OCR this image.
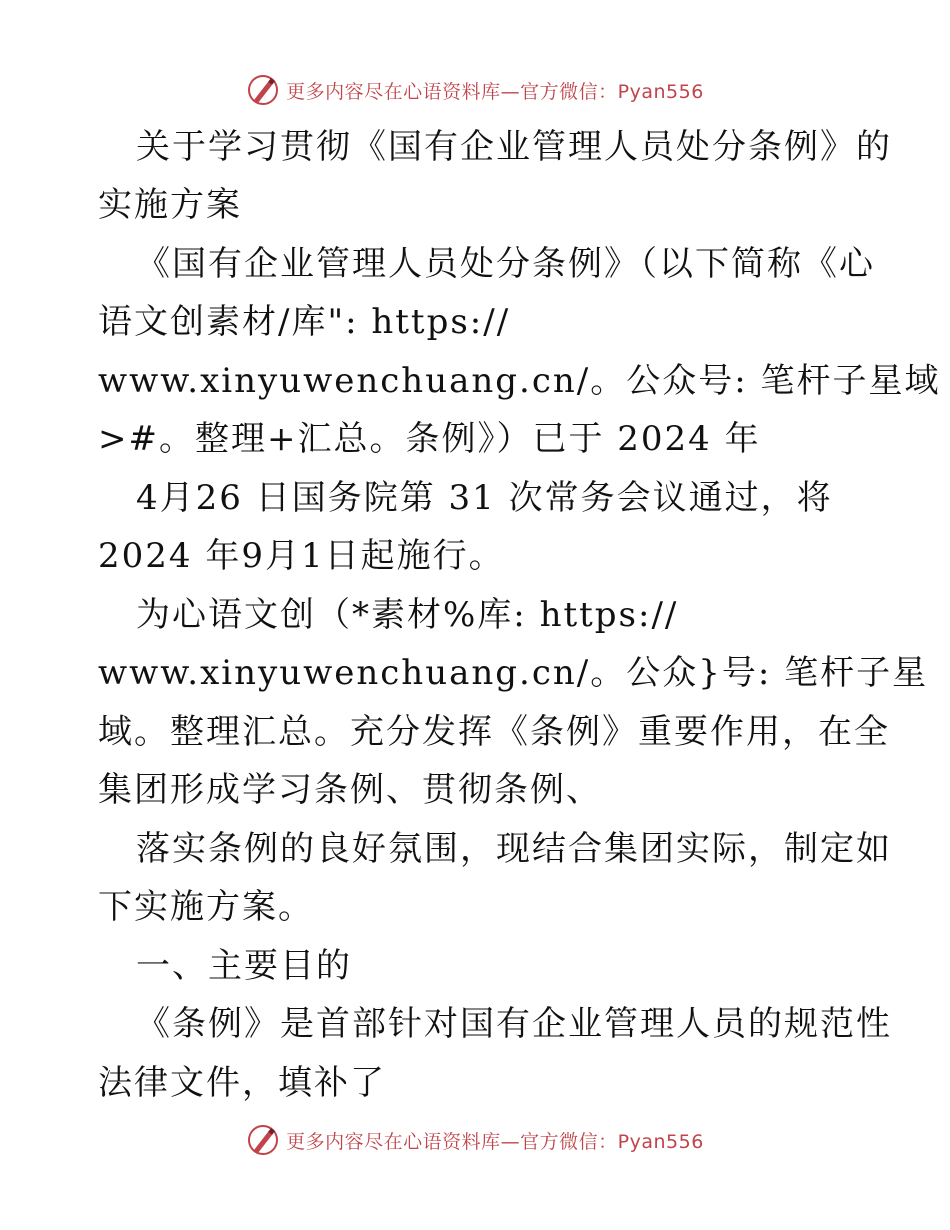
更多内容尽在心语资料库—官方微信：Pyan556
关于学习贯彻《国有企业管理人员处分条例》的
实施方案
《国有企业管理人员处分条例》（以下简称《心
语文创素材/库": https://
www.xinyuwenchuang.cn/。公众号: 笔杆子星域
>#。整理+汇总。条例》）已于 2024 年
4月26 日国务院第 31 次常务会议通过，将
2024 年9月1日起施行。
为心语文创（*素材%库: https://
www.xinyuwenchuang.cn/。公众}号: 笔杆子星
域。整理汇总。充分发挥《条例》重要作用，在全
集团形成学习条例、贯彻条例、
落实条例的良好氛围，现结合集团实际，制定如
下实施方案。
一、主要目的
《条例》是首部针对国有企业管理人员的规范性
法律文件，填补了
更多内容尽在心语资料库—官方微信：Pyan556
